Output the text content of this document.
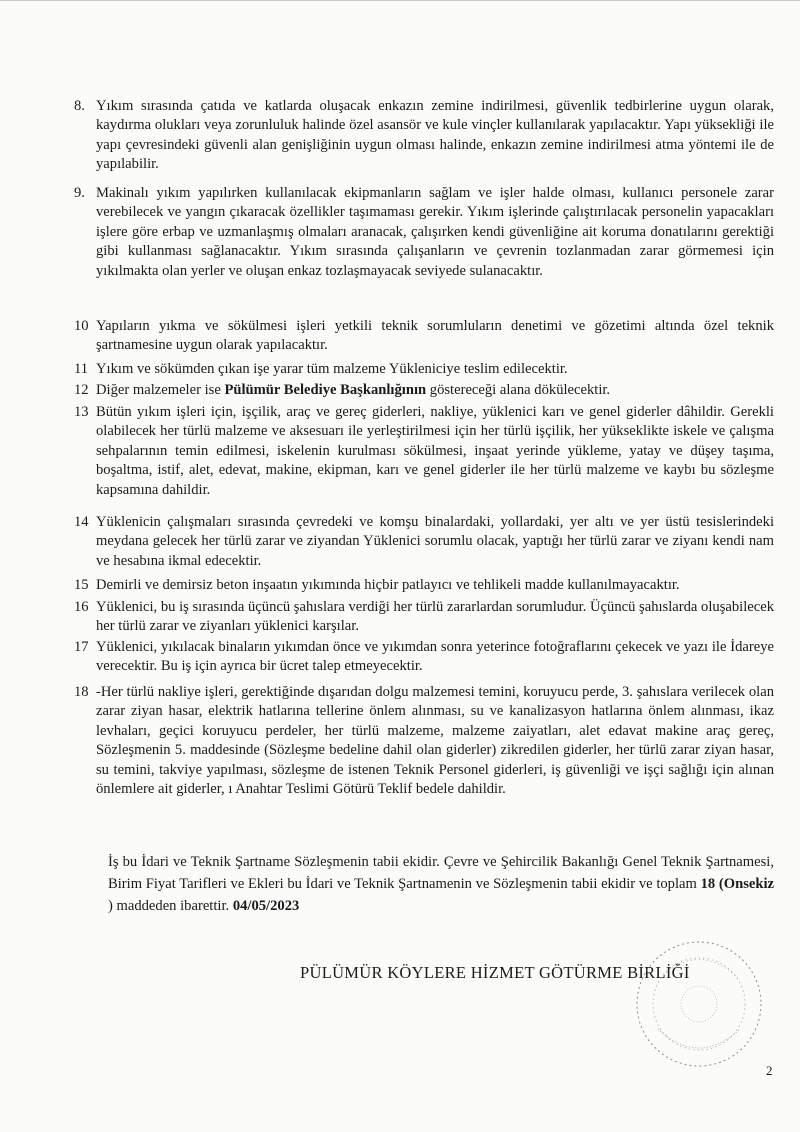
8. Yıkım sırasında çatıda ve katlarda oluşacak enkazın zemine indirilmesi, güvenlik tedbirlerine uygun olarak, kaydırma olukları veya zorunluluk halinde özel asansör ve kule vinçler kullanılarak yapılacaktır. Yapı yüksekliği ile yapı çevresindeki güvenli alan genişliğinin uygun olması halinde, enkazın zemine indirilmesi atma yöntemi ile de yapılabilir.
9. Makinalı yıkım yapılırken kullanılacak ekipmanların sağlam ve işler halde olması, kullanıcı personele zarar verebilecek ve yangın çıkaracak özellikler taşımaması gerekir. Yıkım işlerinde çalıştırılacak personelin yapacakları işlere göre erbap ve uzmanlaşmış olmaları aranacak, çalışırken kendi güvenliğine ait koruma donatılarını gerektiği gibi kullanması sağlanacaktır. Yıkım sırasında çalışanların ve çevrenin tozlanmadan zarar görmemesi için yıkılmakta olan yerler ve oluşan enkaz tozlaşmayacak seviyede sulanacaktır.
10 Yapıların yıkma ve sökülmesi işleri yetkili teknik sorumluların denetimi ve gözetimi altında özel teknik şartnamesine uygun olarak yapılacaktır.
11 Yıkım ve sökümden çıkan işe yarar tüm malzeme Yükleniciye teslim edilecektir.
12 Diğer malzemeler ise Pülümür Belediye Başkanlığının göstereceği alana dökülecektir.
13 Bütün yıkım işleri için, işçilik, araç ve gereç giderleri, nakliye, yüklenici karı ve genel giderler dâhildir. Gerekli olabilecek her türlü malzeme ve aksesuarı ile yerleştirilmesi için her türlü işçilik, her yükseklikte iskele ve çalışma sehpalarının temin edilmesi, iskelenin kurulması sökülmesi, inşaat yerinde yükleme, yatay ve düşey taşıma, boşaltma, istif, alet, edevat, makine, ekipman, karı ve genel giderler ile her türlü malzeme ve kaybı bu sözleşme kapsamına dahildir.
14 Yüklenicin çalışmaları sırasında çevredeki ve komşu binalardaki, yollardaki, yer altı ve yer üstü tesislerindeki meydana gelecek her türlü zarar ve ziyandan Yüklenici sorumlu olacak, yaptığı her türlü zarar ve ziyanı kendi nam ve hesabına ikmal edecektir.
15 Demirli ve demirsiz beton inşaatın yıkımında hiçbir patlayıcı ve tehlikeli madde kullanılmayacaktır.
16 Yüklenici, bu iş sırasında üçüncü şahıslara verdiği her türlü zararlardan sorumludur. Üçüncü şahıslarda oluşabilecek her türlü zarar ve ziyanları yüklenici karşılar.
17 Yüklenici, yıkılacak binaların yıkımdan önce ve yıkımdan sonra yeterince fotoğraflarını çekecek ve yazı ile İdareye verecektir. Bu iş için ayrıca bir ücret talep etmeyecektir.
18 -Her türlü nakliye işleri, gerektiğinde dışarıdan dolgu malzemesi temini, koruyucu perde, 3. şahıslara verilecek olan zarar ziyan hasar, elektrik hatlarına tellerine önlem alınması, su ve kanalizasyon hatlarına önlem alınması, ikaz levhaları, geçici koruyucu perdeler, her türlü malzeme, malzeme zaiyatları, alet edavat makine araç gereç, Sözleşmenin 5. maddesinde (Sözleşme bedeline dahil olan giderler) zikredilen giderler, her türlü zarar ziyan hasar, su temini, takviye yapılması, sözleşme de istenen Teknik Personel giderleri, iş güvenliği ve işçi sağlığı için alınan önlemlere ait giderler, ı Anahtar Teslimi Götürü Teklif bedele dahildir.
İş bu İdari ve Teknik Şartname Sözleşmenin tabii ekidir. Çevre ve Şehircilik Bakanlığı Genel Teknik Şartnamesi, Birim Fiyat Tarifleri ve Ekleri bu İdari ve Teknik Şartnamenin ve Sözleşmenin tabii ekidir ve toplam 18 (Onsekiz ) maddeden ibarettir. 04/05/2023
PÜLÜMÜR KÖYLERE HİZMET GÖTÜRME BİRLİĞİ
2
